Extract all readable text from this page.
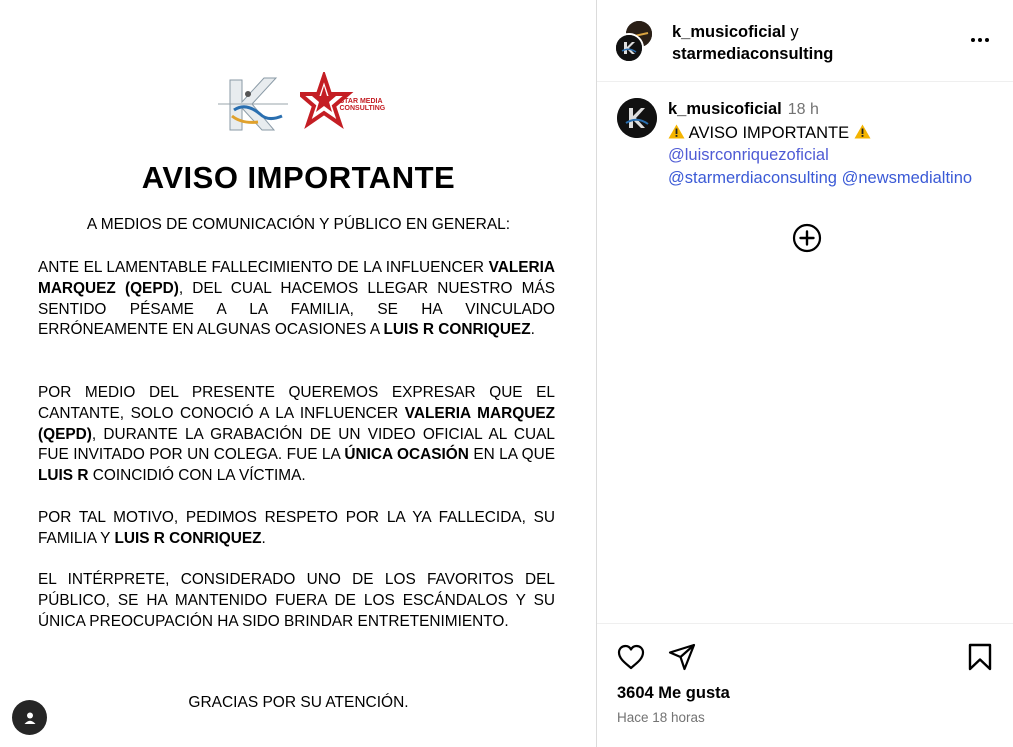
STAR MEDIA
CONSULTING
AVISO IMPORTANTE
A MEDIOS DE COMUNICACIÓN Y PÚBLICO EN GENERAL:
ANTE EL LAMENTABLE FALLECIMIENTO DE LA INFLUENCER VALERIA MARQUEZ (QEPD), DEL CUAL HACEMOS LLEGAR NUESTRO MÁS SENTIDO PÉSAME A LA FAMILIA, SE HA VINCULADO ERRÓNEAMENTE EN ALGUNAS OCASIONES A LUIS R CONRIQUEZ.
POR MEDIO DEL PRESENTE QUEREMOS EXPRESAR QUE EL CANTANTE, SOLO CONOCIÓ A LA INFLUENCER VALERIA MARQUEZ (QEPD), DURANTE LA GRABACIÓN DE UN VIDEO OFICIAL AL CUAL FUE INVITADO POR UN COLEGA. FUE LA ÚNICA OCASIÓN EN LA QUE LUIS R COINCIDIÓ CON LA VÍCTIMA.
POR TAL MOTIVO, PEDIMOS RESPETO POR LA YA FALLECIDA, SU FAMILIA Y LUIS R CONRIQUEZ.
EL INTÉRPRETE, CONSIDERADO UNO DE LOS FAVORITOS DEL PÚBLICO, SE HA MANTENIDO FUERA DE LOS ESCÁNDALOS Y SU ÚNICA PREOCUPACIÓN HA SIDO BRINDAR ENTRETENIMIENTO.
GRACIAS POR SU ATENCIÓN.
k_musicoficial y
starmediaconsulting
k_musicoficial 18 h
AVISO IMPORTANTE
@luisrconriquezoficial
@starmerdiaconsulting @newsmedialtino
3604 Me gusta
Hace 18 horas
